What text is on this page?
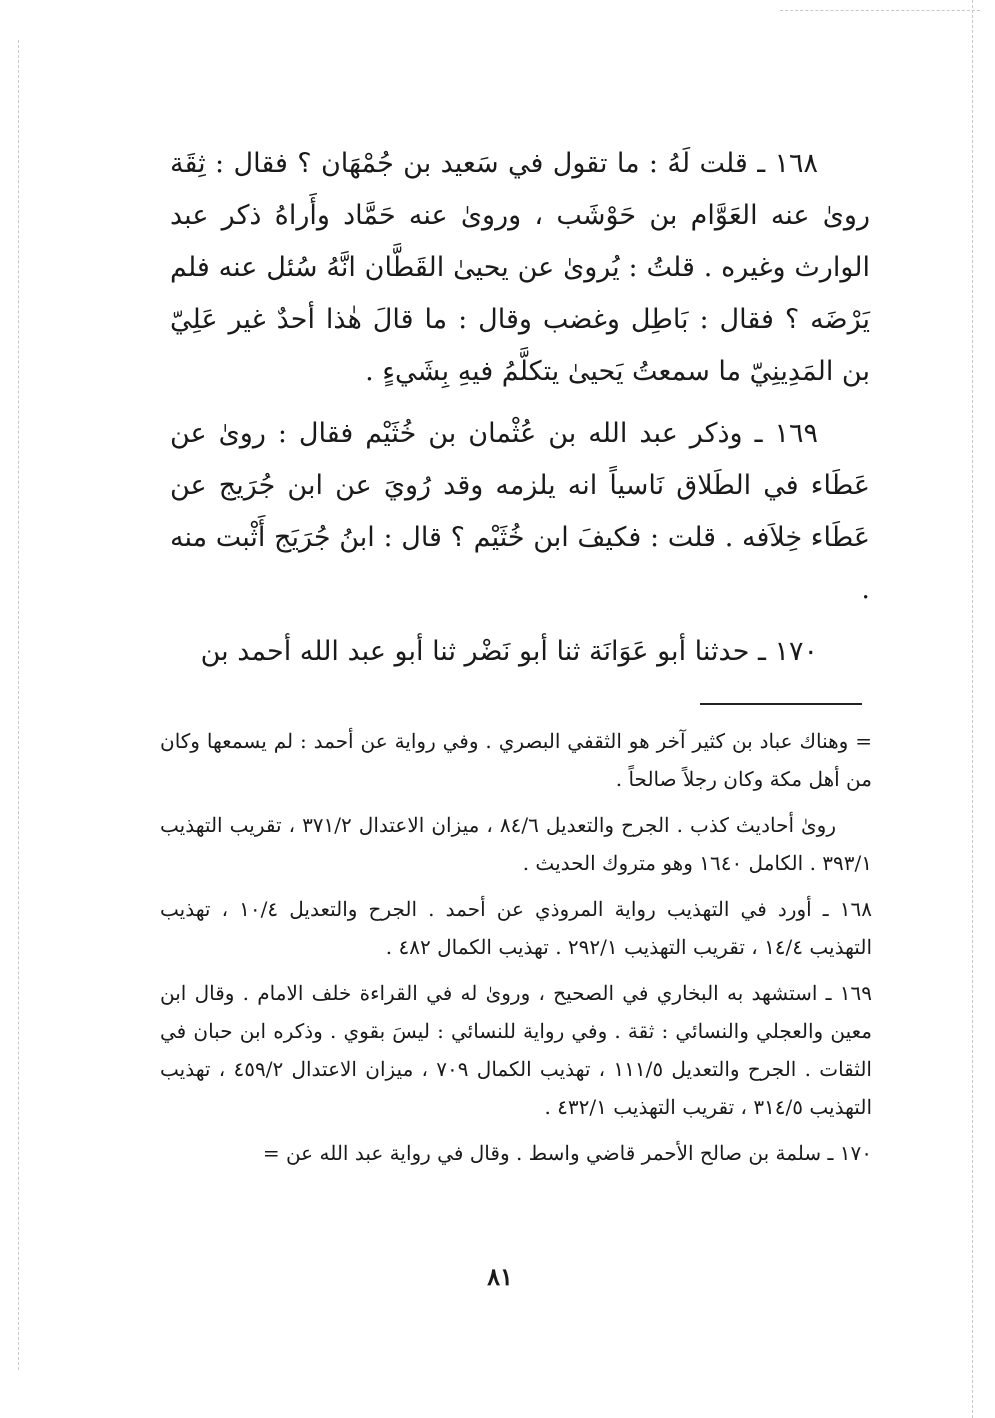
١٦٨ ـ قلت لَهُ : ما تقول في سَعيد بن جُمْهَان ؟ فقال : ثِقَة روىٰ عنه العَوَّام بن حَوْشَب ، وروىٰ عنه حَمَّاد وأَراهُ ذكر عبد الوارث وغيره . قلتُ : يُروىٰ عن يحيىٰ القَطَّان انَّهُ سُئل عنه فلم يَرْضَه ؟ فقال : بَاطِل وغضب وقال : ما قالَ هٰذا أحدٌ غير عَلِيّ بن المَدِينِيّ ما سمعتُ يَحيىٰ يتكلَّمُ فيهِ بِشَيءٍ .

١٦٩ ـ وذكر عبد الله بن عُثْمان بن خُثَيْم فقال : روىٰ عن عَطَاء في الطَلاق نَاسياً انه يلزمه وقد رُويَ عن ابن جُرَيج عن عَطَاء خِلاَفه . قلت : فكيفَ ابن خُثَيْم ؟ قال : ابنُ جُرَيَج أَثْبت منه .

١٧٠ ـ حدثنا أبو عَوَانَة ثنا أبو نَضْر ثنا أبو عبد الله أحمد بن

= وهناك عباد بن كثير آخر هو الثقفي البصري . وفي رواية عن أحمد : لم يسمعها وكان من أهل مكة وكان رجلاً صالحاً .

روىٰ أحاديث كذب . الجرح والتعديل ٨٤/٦ ، ميزان الاعتدال ٣٧١/٢ ، تقريب التهذيب ٣٩٣/١ . الكامل ١٦٤٠ وهو متروك الحديث .

١٦٨ ـ أورد في التهذيب رواية المروذي عن أحمد . الجرح والتعديل ١٠/٤ ، تهذيب التهذيب ١٤/٤ ، تقريب التهذيب ٢٩٢/١ . تهذيب الكمال ٤٨٢ .

١٦٩ ـ استشهد به البخاري في الصحيح ، وروىٰ له في القراءة خلف الامام . وقال ابن معين والعجلي والنسائي : ثقة . وفي رواية للنسائي : ليسَ بقوي . وذكره ابن حبان في الثقات . الجرح والتعديل ١١١/٥ ، تهذيب الكمال ٧٠٩ ، ميزان الاعتدال ٤٥٩/٢ ، تهذيب التهذيب ٣١٤/٥ ، تقريب التهذيب ٤٣٢/١ .

١٧٠ ـ سلمة بن صالح الأحمر قاضي واسط . وقال في رواية عبد الله عن =

٨١
